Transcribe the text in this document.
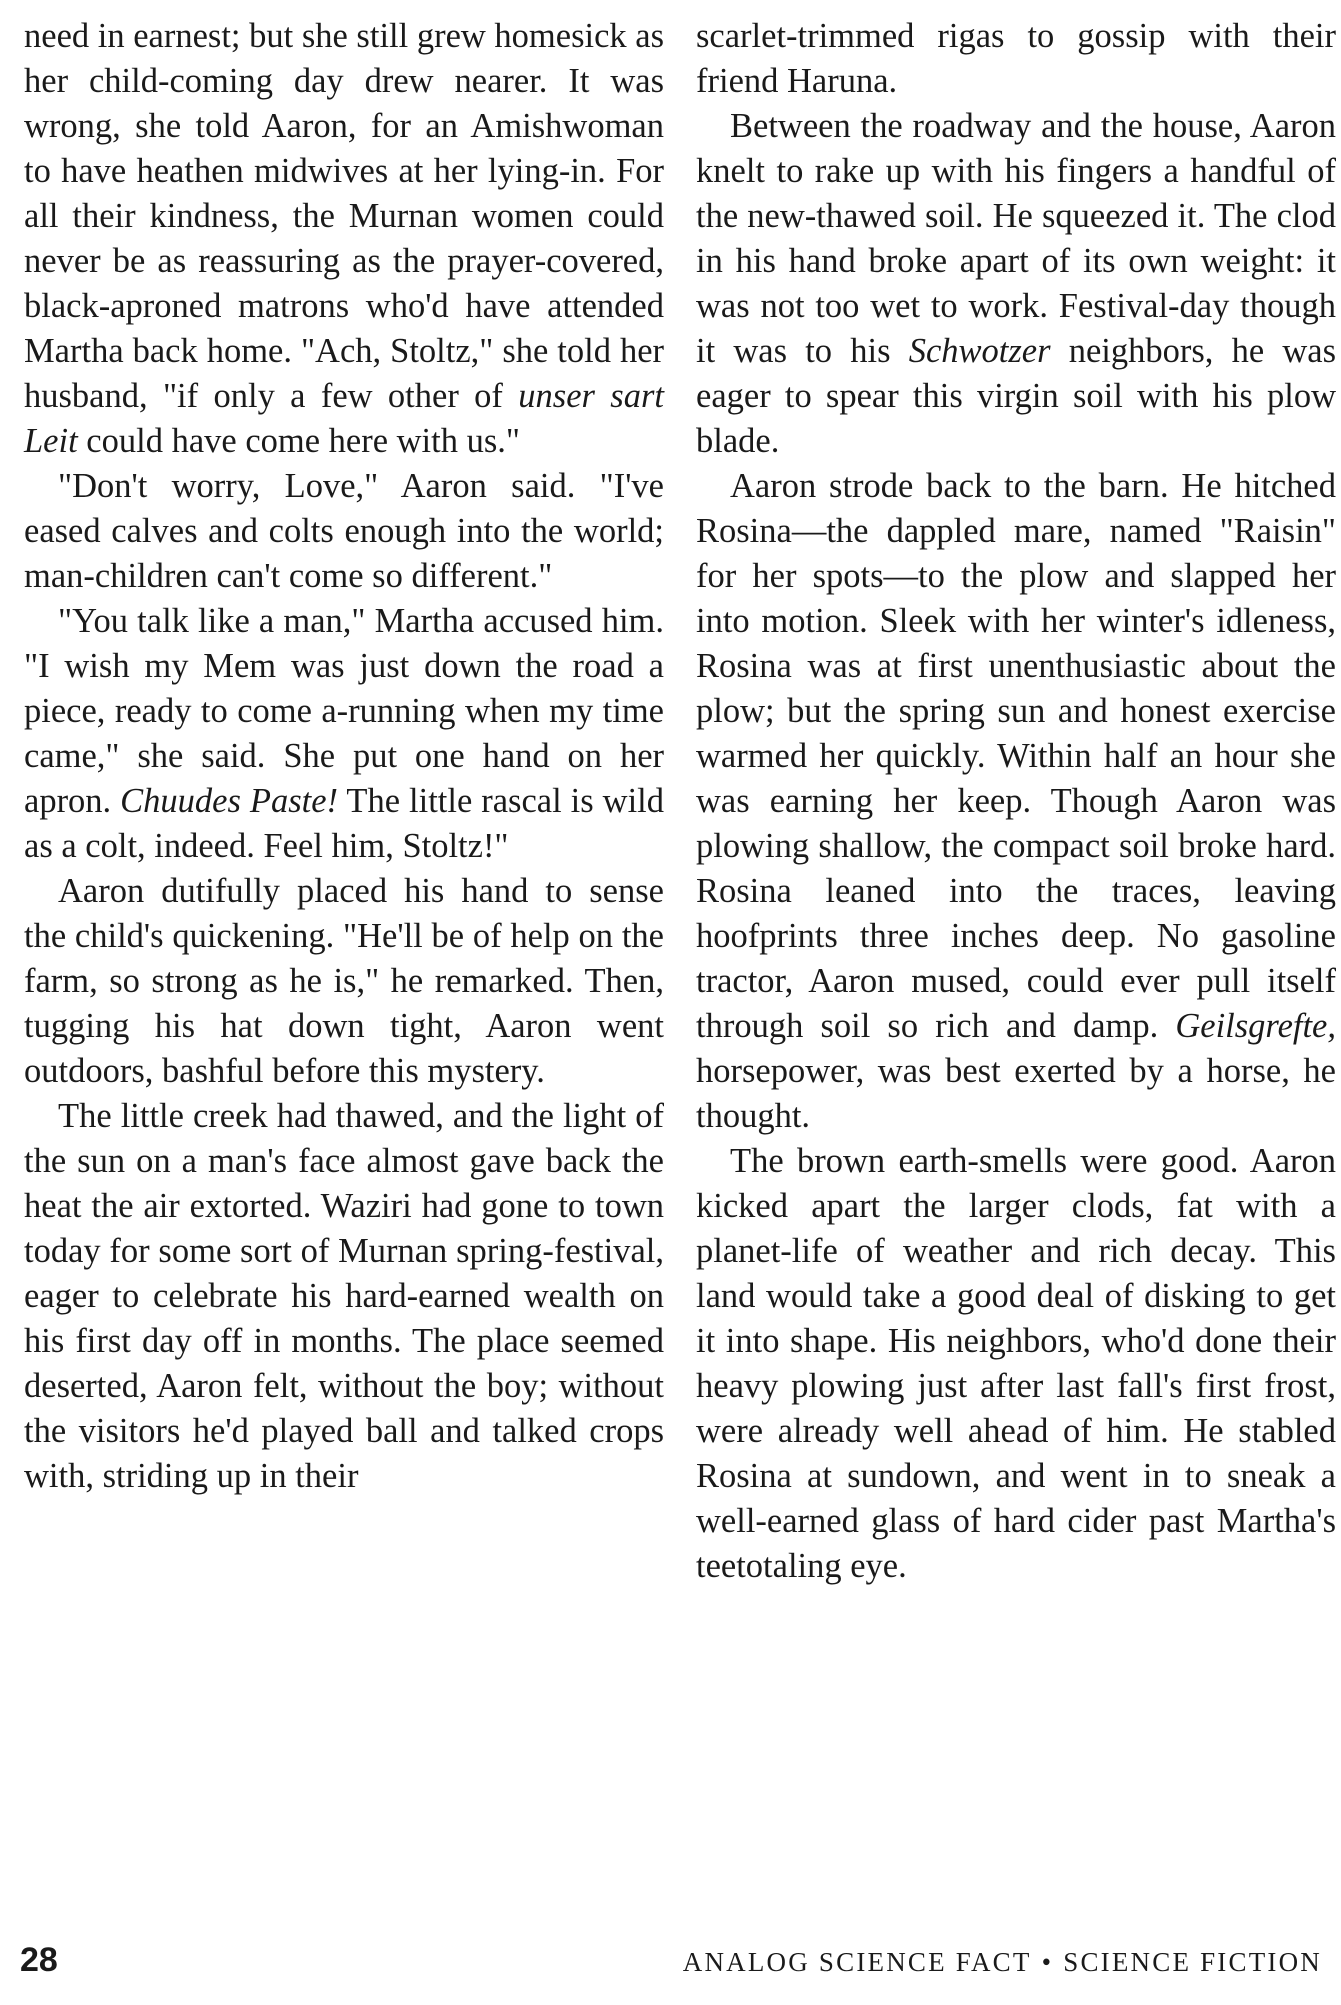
need in earnest; but she still grew homesick as her child-coming day drew nearer. It was wrong, she told Aaron, for an Amishwoman to have heathen midwives at her lying-in. For all their kindness, the Murnan women could never be as reassuring as the prayer-covered, black-aproned matrons who'd have attended Martha back home. "Ach, Stoltz," she told her husband, "if only a few other of unser sart Leit could have come here with us."

"Don't worry, Love," Aaron said. "I've eased calves and colts enough into the world; man-children can't come so different."

"You talk like a man," Martha accused him. "I wish my Mem was just down the road a piece, ready to come a-running when my time came," she said. She put one hand on her apron. Chuudes Paste! The little rascal is wild as a colt, indeed. Feel him, Stoltz!"

Aaron dutifully placed his hand to sense the child's quickening. "He'll be of help on the farm, so strong as he is," he remarked. Then, tugging his hat down tight, Aaron went outdoors, bashful before this mystery.

The little creek had thawed, and the light of the sun on a man's face almost gave back the heat the air extorted. Waziri had gone to town today for some sort of Murnan spring-festival, eager to celebrate his hard-earned wealth on his first day off in months. The place seemed deserted, Aaron felt, without the boy; without the visitors he'd played ball and talked crops with, striding up in their

scarlet-trimmed rigas to gossip with their friend Haruna.

Between the roadway and the house, Aaron knelt to rake up with his fingers a handful of the new-thawed soil. He squeezed it. The clod in his hand broke apart of its own weight: it was not too wet to work. Festival-day though it was to his Schwotzer neighbors, he was eager to spear this virgin soil with his plow blade.

Aaron strode back to the barn. He hitched Rosina—the dappled mare, named "Raisin" for her spots—to the plow and slapped her into motion. Sleek with her winter's idleness, Rosina was at first unenthusiastic about the plow; but the spring sun and honest exercise warmed her quickly. Within half an hour she was earning her keep. Though Aaron was plowing shallow, the compact soil broke hard. Rosina leaned into the traces, leaving hoofprints three inches deep. No gasoline tractor, Aaron mused, could ever pull itself through soil so rich and damp. Geilsgrefte, horsepower, was best exerted by a horse, he thought.

The brown earth-smells were good. Aaron kicked apart the larger clods, fat with a planet-life of weather and rich decay. This land would take a good deal of disking to get it into shape. His neighbors, who'd done their heavy plowing just after last fall's first frost, were already well ahead of him. He stabled Rosina at sundown, and went in to sneak a well-earned glass of hard cider past Martha's teetotaling eye.

28	ANALOG SCIENCE FACT • SCIENCE FICTION
